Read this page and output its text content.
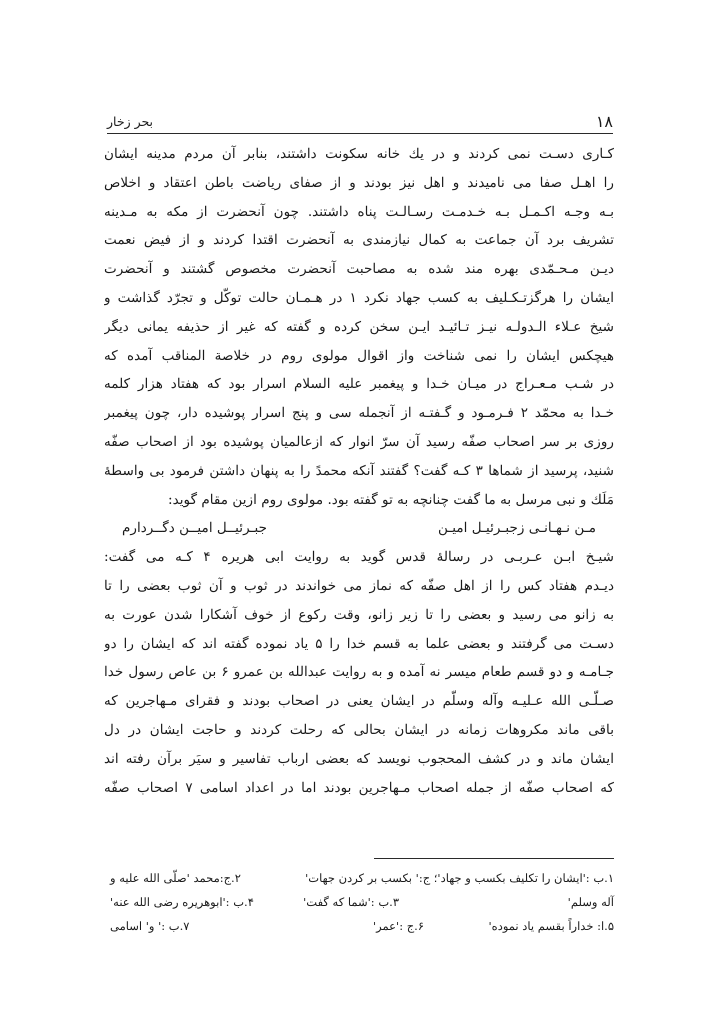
۱۸
بحر زخار
کـاری دسـت نمی کردند و در یك خانه سکونت داشتند، بنابر آن مردم مدینه ایشان
را اهـل صفا می نامیدند و اهل نیز بودند و از صفای ریاضت باطن اعتقاد و اخلاص
بـه وجـه اکـمـل بـه خـدمـت رسـالـت پناه داشتند. چون آنحضرت از مکه به مـدینه
تشریف برد آن جماعت به کمال نیازمندی به آنحضرت اقتدا کردند و از فیض نعمت
دیـن مـحـمّدی بهره مند شده به مصاحبت آنحضرت مخصوص گشتند و آنحضرت
ایشان را هرگزتـکـلیف به کسب جهاد نکرد ۱ در هـمـان حالت توکّل و تجرّد گذاشت و
شیخ عـلاء الـدولـه نیـز تـائیـد ایـن سخن کرده و گفته که غیر از حذیفه یمانی دیگر
هیچکس ایشان را نمی شناخت واز اقوال مولوی روم در خلاصة المناقب آمده که
در شـب مـعـراج در میـان خـدا و پیغمبر علیه السلام اسرار بود که هفتاد هزار کلمه
خـدا به محمّد ۲ فـرمـود و گـفتـه از آنجمله سی و پنج اسرار پوشیده دار، چون پیغمبر
روزی بر سر اصحاب صفّه رسید آن سرّ انوار که ازعالمیان پوشیده بود از اصحاب صفّه
شنید، پرسید از شماها ۳ کـه گفت؟ گفتند آنکه محمدً را به پنهان داشتن فرمود بی واسطۀ
مَلَك و نبی مرسل به ما گفت چنانچه به تو گفته بود. مولوی روم ازین مقام گوید:
مـن نـهـانـی زجبـرئیـل امیـن جبـرئیــل امیــن دگــردارم
شیـخ ابـن عـربـی در رسالۀ قدس گوید به روایت ابی هریره ۴ کـه می گفت:
دیـدم هفتاد کس را از اهل صفّه که نماز می خواندند در ثوب و آن ثوب بعضی را تا
به زانو می رسید و بعضی را تا زیر زانو، وقت رکوع از خوف آشکارا شدن عورت به
دسـت می گرفتند و بعضی علما به قسم خدا را ۵ یاد نموده گفته اند که ایشان را دو
جـامـه و دو قسم طعام میسر نه آمده و به روایت عبدالله بن عمرو ۶ بن عاص رسول خدا
صـلّـی الله عـلیـه وآله وسلّم در ایشان یعنی در اصحاب بودند و فقرای مـهاجرین که
باقی ماند مکروهات زمانه در ایشان بحالی که رحلت کردند و حاجت ایشان در دل
ایشان ماند و در کشف المحجوب نویسد که بعضی ارباب تفاسیر و سیَر برآن رفته اند
که اصحاب صفّه از جمله اصحاب مـهاجرین بودند اما در اعداد اسامی ۷ اصحاب صفّه
۱.ب :'ایشان را تکلیف بکسب و جهاد'؛ ج:' بکسب بر کردن جهات'
۲.ج:محمد 'صلّی الله علیه و
آله وسلم'
۳.ب :'شما که گفت'
۴.ب :'ابوهریره رضی الله عنه'
۵.ا: خداراً بقسم یاد نموده'
۶.ج :'عمر'
۷.ب :' و' اسامی
